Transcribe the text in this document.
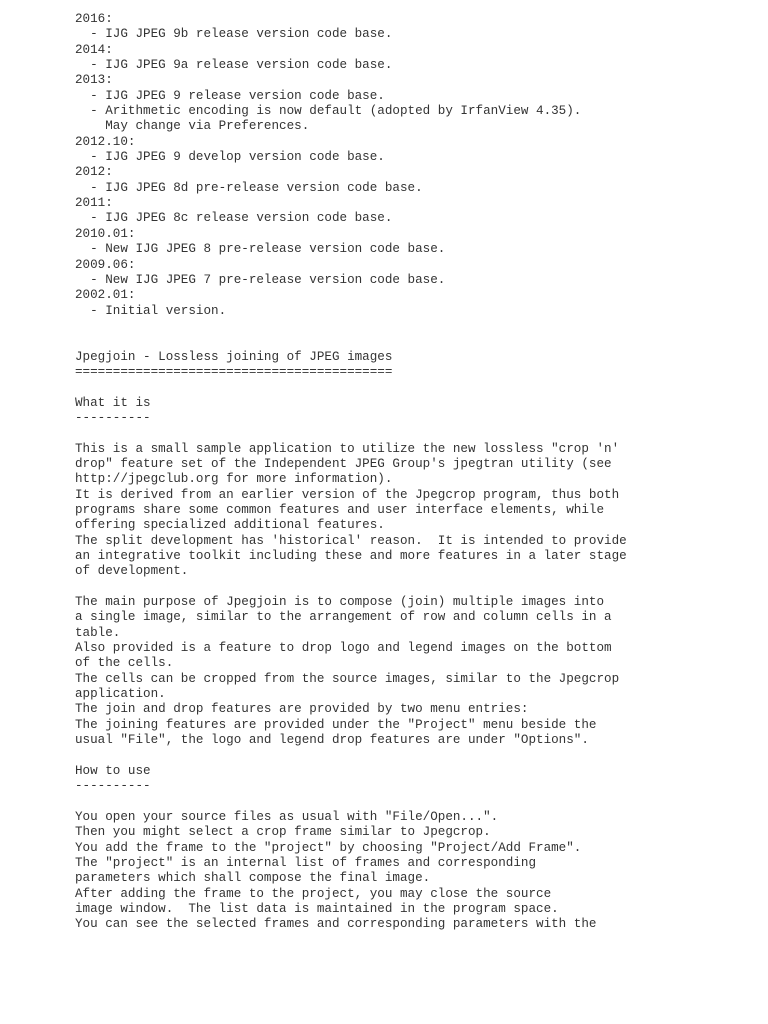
2016:
- IJG JPEG 9b release version code base.
2014:
- IJG JPEG 9a release version code base.
2013:
- IJG JPEG 9 release version code base.
- Arithmetic encoding is now default (adopted by IrfanView 4.35).
May change via Preferences.
2012.10:
- IJG JPEG 9 develop version code base.
2012:
- IJG JPEG 8d pre-release version code base.
2011:
- IJG JPEG 8c release version code base.
2010.01:
- New IJG JPEG 8 pre-release version code base.
2009.06:
- New IJG JPEG 7 pre-release version code base.
2002.01:
- Initial version.
Jpegjoin - Lossless joining of JPEG images
==========================================
What it is
----------
This is a small sample application to utilize the new lossless "crop 'n'
drop" feature set of the Independent JPEG Group's jpegtran utility (see
http://jpegclub.org for more information).
It is derived from an earlier version of the Jpegcrop program, thus both
programs share some common features and user interface elements, while
offering specialized additional features.
The split development has 'historical' reason.  It is intended to provide
an integrative toolkit including these and more features in a later stage
of development.
The main purpose of Jpegjoin is to compose (join) multiple images into
a single image, similar to the arrangement of row and column cells in a
table.
Also provided is a feature to drop logo and legend images on the bottom
of the cells.
The cells can be cropped from the source images, similar to the Jpegcrop
application.
The join and drop features are provided by two menu entries:
The joining features are provided under the "Project" menu beside the
usual "File", the logo and legend drop features are under "Options".
How to use
----------
You open your source files as usual with "File/Open...".
Then you might select a crop frame similar to Jpegcrop.
You add the frame to the "project" by choosing "Project/Add Frame".
The "project" is an internal list of frames and corresponding
parameters which shall compose the final image.
After adding the frame to the project, you may close the source
image window.  The list data is maintained in the program space.
You can see the selected frames and corresponding parameters with the
